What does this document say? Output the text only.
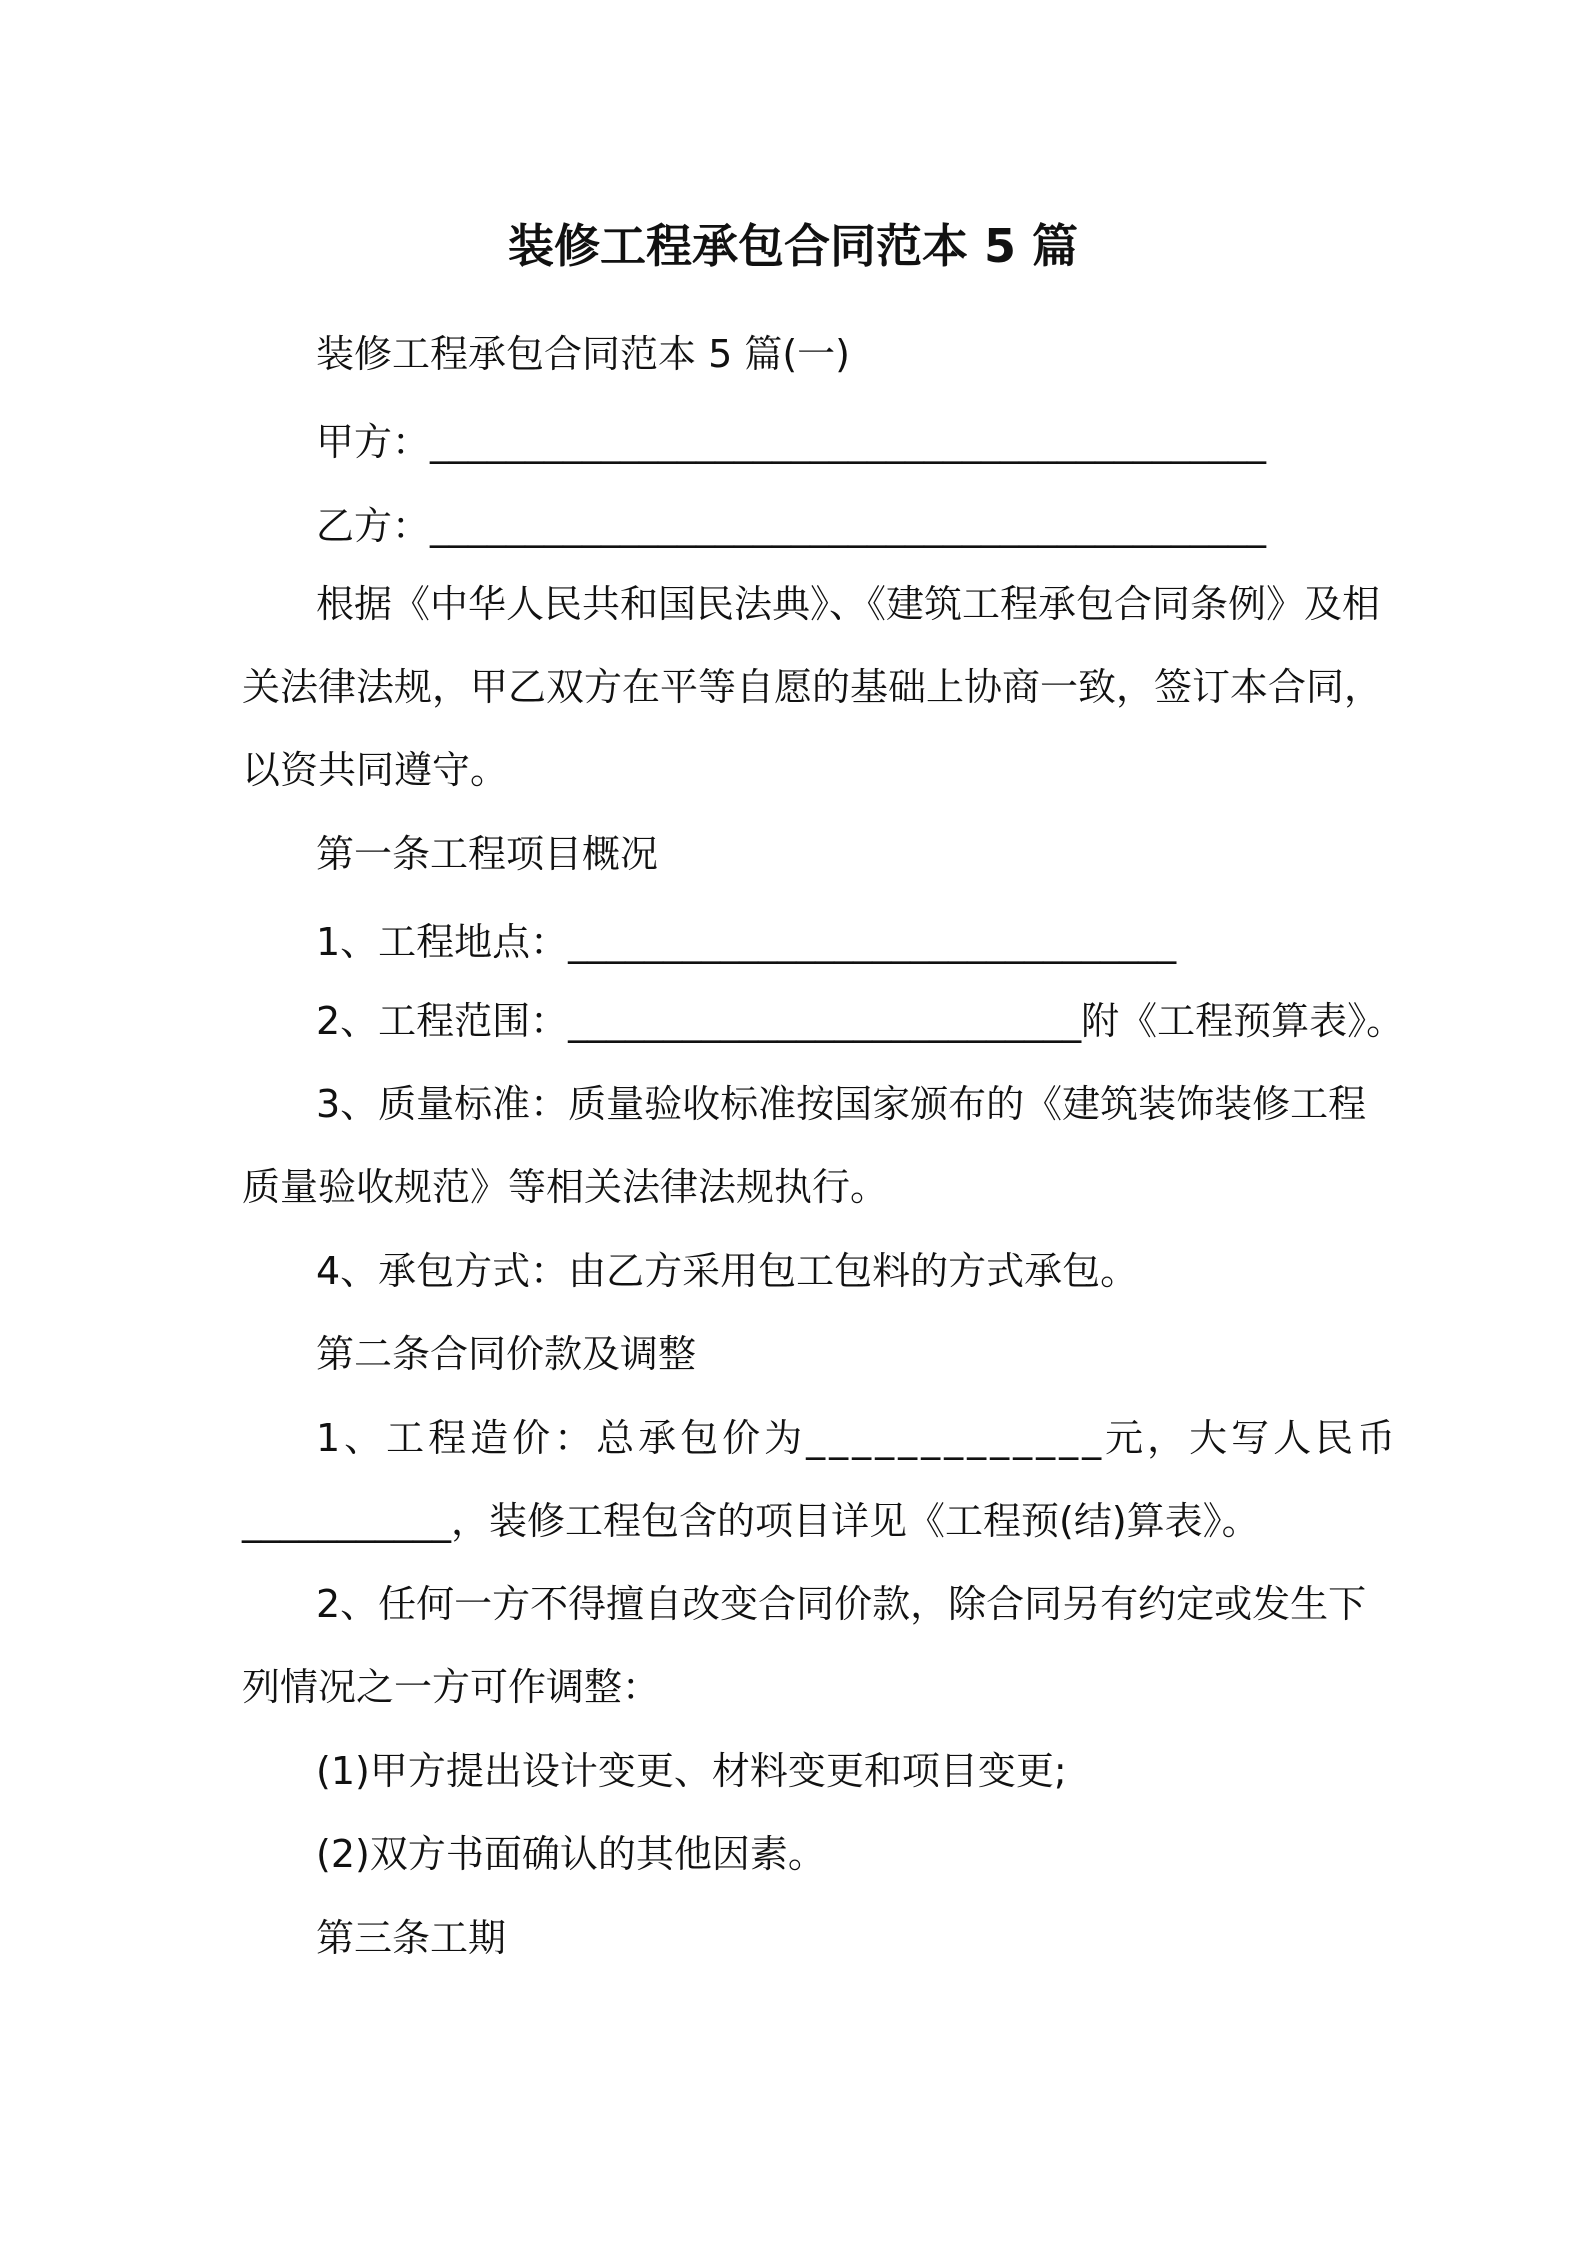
装修工程承包合同范本 5 篇
装修工程承包合同范本 5 篇(一)
甲方：____________________________________________
乙方：____________________________________________
根据《中华人民共和国民法典》、《建筑工程承包合同条例》及相
关法律法规，甲乙双方在平等自愿的基础上协商一致，签订本合同，
以资共同遵守。
第一条工程项目概况
1、工程地点：________________________________
2、工程范围：___________________________附《工程预算表》。
3、质量标准：质量验收标准按国家颁布的《建筑装饰装修工程
质量验收规范》等相关法律法规执行。
4、承包方式：由乙方采用包工包料的方式承包。
第二条合同价款及调整
1、工程造价：总承包价为_____________元，大写人民币
___________，装修工程包含的项目详见《工程预(结)算表》。
2、任何一方不得擅自改变合同价款，除合同另有约定或发生下
列情况之一方可作调整：
(1)甲方提出设计变更、材料变更和项目变更;
(2)双方书面确认的其他因素。
第三条工期
